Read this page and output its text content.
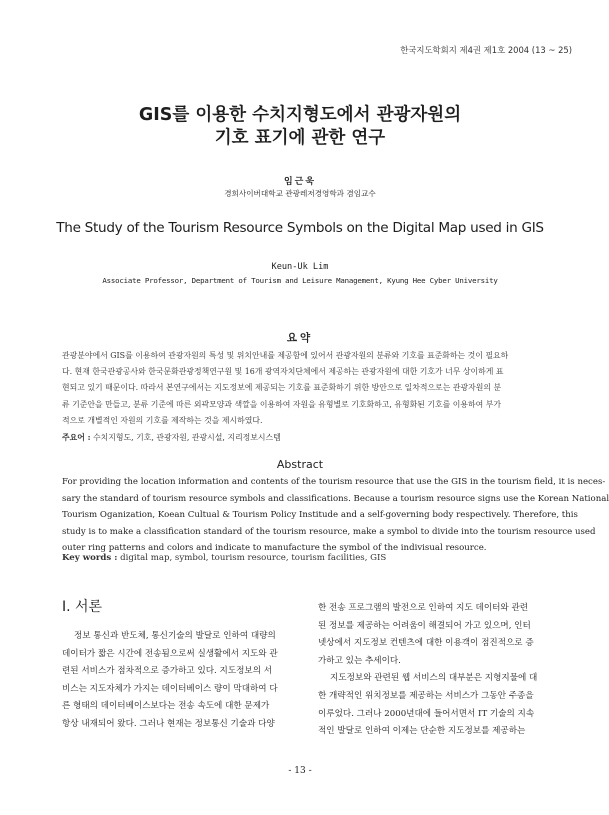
한국지도학회지 제4권 제1호 2004 (13 ~ 25)
GIS를 이용한 수치지형도에서 관광자원의
기호 표기에 관한 연구
임근욱
경희사이버대학교 관광레저경영학과 겸임교수
The Study of the Tourism Resource Symbols on the Digital Map used in GIS
Keun-Uk Lim
Associate Professor, Department of Tourism and Leisure Management, Kyung Hee Cyber University
요약
관광분야에서 GIS를 이용하여 관광자원의 특성 및 위치안내를 제공함에 있어서 관광자원의 분류와 기호를 표준화하는 것이 필요하
다. 현재 한국관광공사와 한국문화관광정책연구원 및 16개 광역자치단체에서 제공하는 관광자원에 대한 기호가 너무 상이하게 표
현되고 있기 때문이다. 따라서 본연구에서는 지도정보에 제공되는 기호를 표준화하기 위한 방안으로 일차적으로는 관광자원의 분
류 기준안을 만들고, 분류 기준에 따른 외곽모양과 색깔을 이용하여 자원을 유형별로 기호화하고, 유형화된 기호를 이용하여 부가
적으로 개별적인 자원의 기호를 제작하는 것을 제시하였다.
주요어 : 수치지형도, 기호, 관광자원, 관광시설, 지리정보시스템
Abstract
For providing the location information and contents of the tourism resource that use the GIS in the tourism field, it is neces-
sary the standard of tourism resource symbols and classifications. Because a tourism resource signs use the Korean National
Tourism Oganization, Koean Cultual & Tourism Policy Institude and a self-governing body respectively. Therefore, this
study is to make a classification standard of the tourism resource, make a symbol to divide into the tourism resource used
outer ring patterns and colors and indicate to manufacture the symbol of the indivisual resource.
Key words : digital map, symbol, tourism resource, tourism facilities, GIS
I. 서론
정보 통신과 반도체, 통신기술의 발달로 인하여 대량의
데이터가 짧은 시간에 전송됨으로써 실생활에서 지도와 관
련된 서비스가 점차적으로 증가하고 있다. 지도정보의 서
비스는 지도자체가 가지는 데이터베이스 량이 막대하여 다
른 형태의 데이터베이스보다는 전송 속도에 대한 문제가
항상 내재되어 왔다. 그러나 현재는 정보통신 기술과 다양
한 전송 프로그램의 발전으로 인하여 지도 데이터와 관련
된 정보를 제공하는 어려움이 해결되어 가고 있으며, 인터
넷상에서 지도정보 컨텐츠에 대한 이용객이 점진적으로 증
가하고 있는 추세이다.
지도정보와 관련된 웹 서비스의 대부분은 지형지물에 대
한 개략적인 위치정보를 제공하는 서비스가 그동안 주종을
이루었다. 그러나 2000년대에 들어서면서 IT 기술의 지속
적인 발달로 인하여 이제는 단순한 지도정보를 제공하는
- 13 -
